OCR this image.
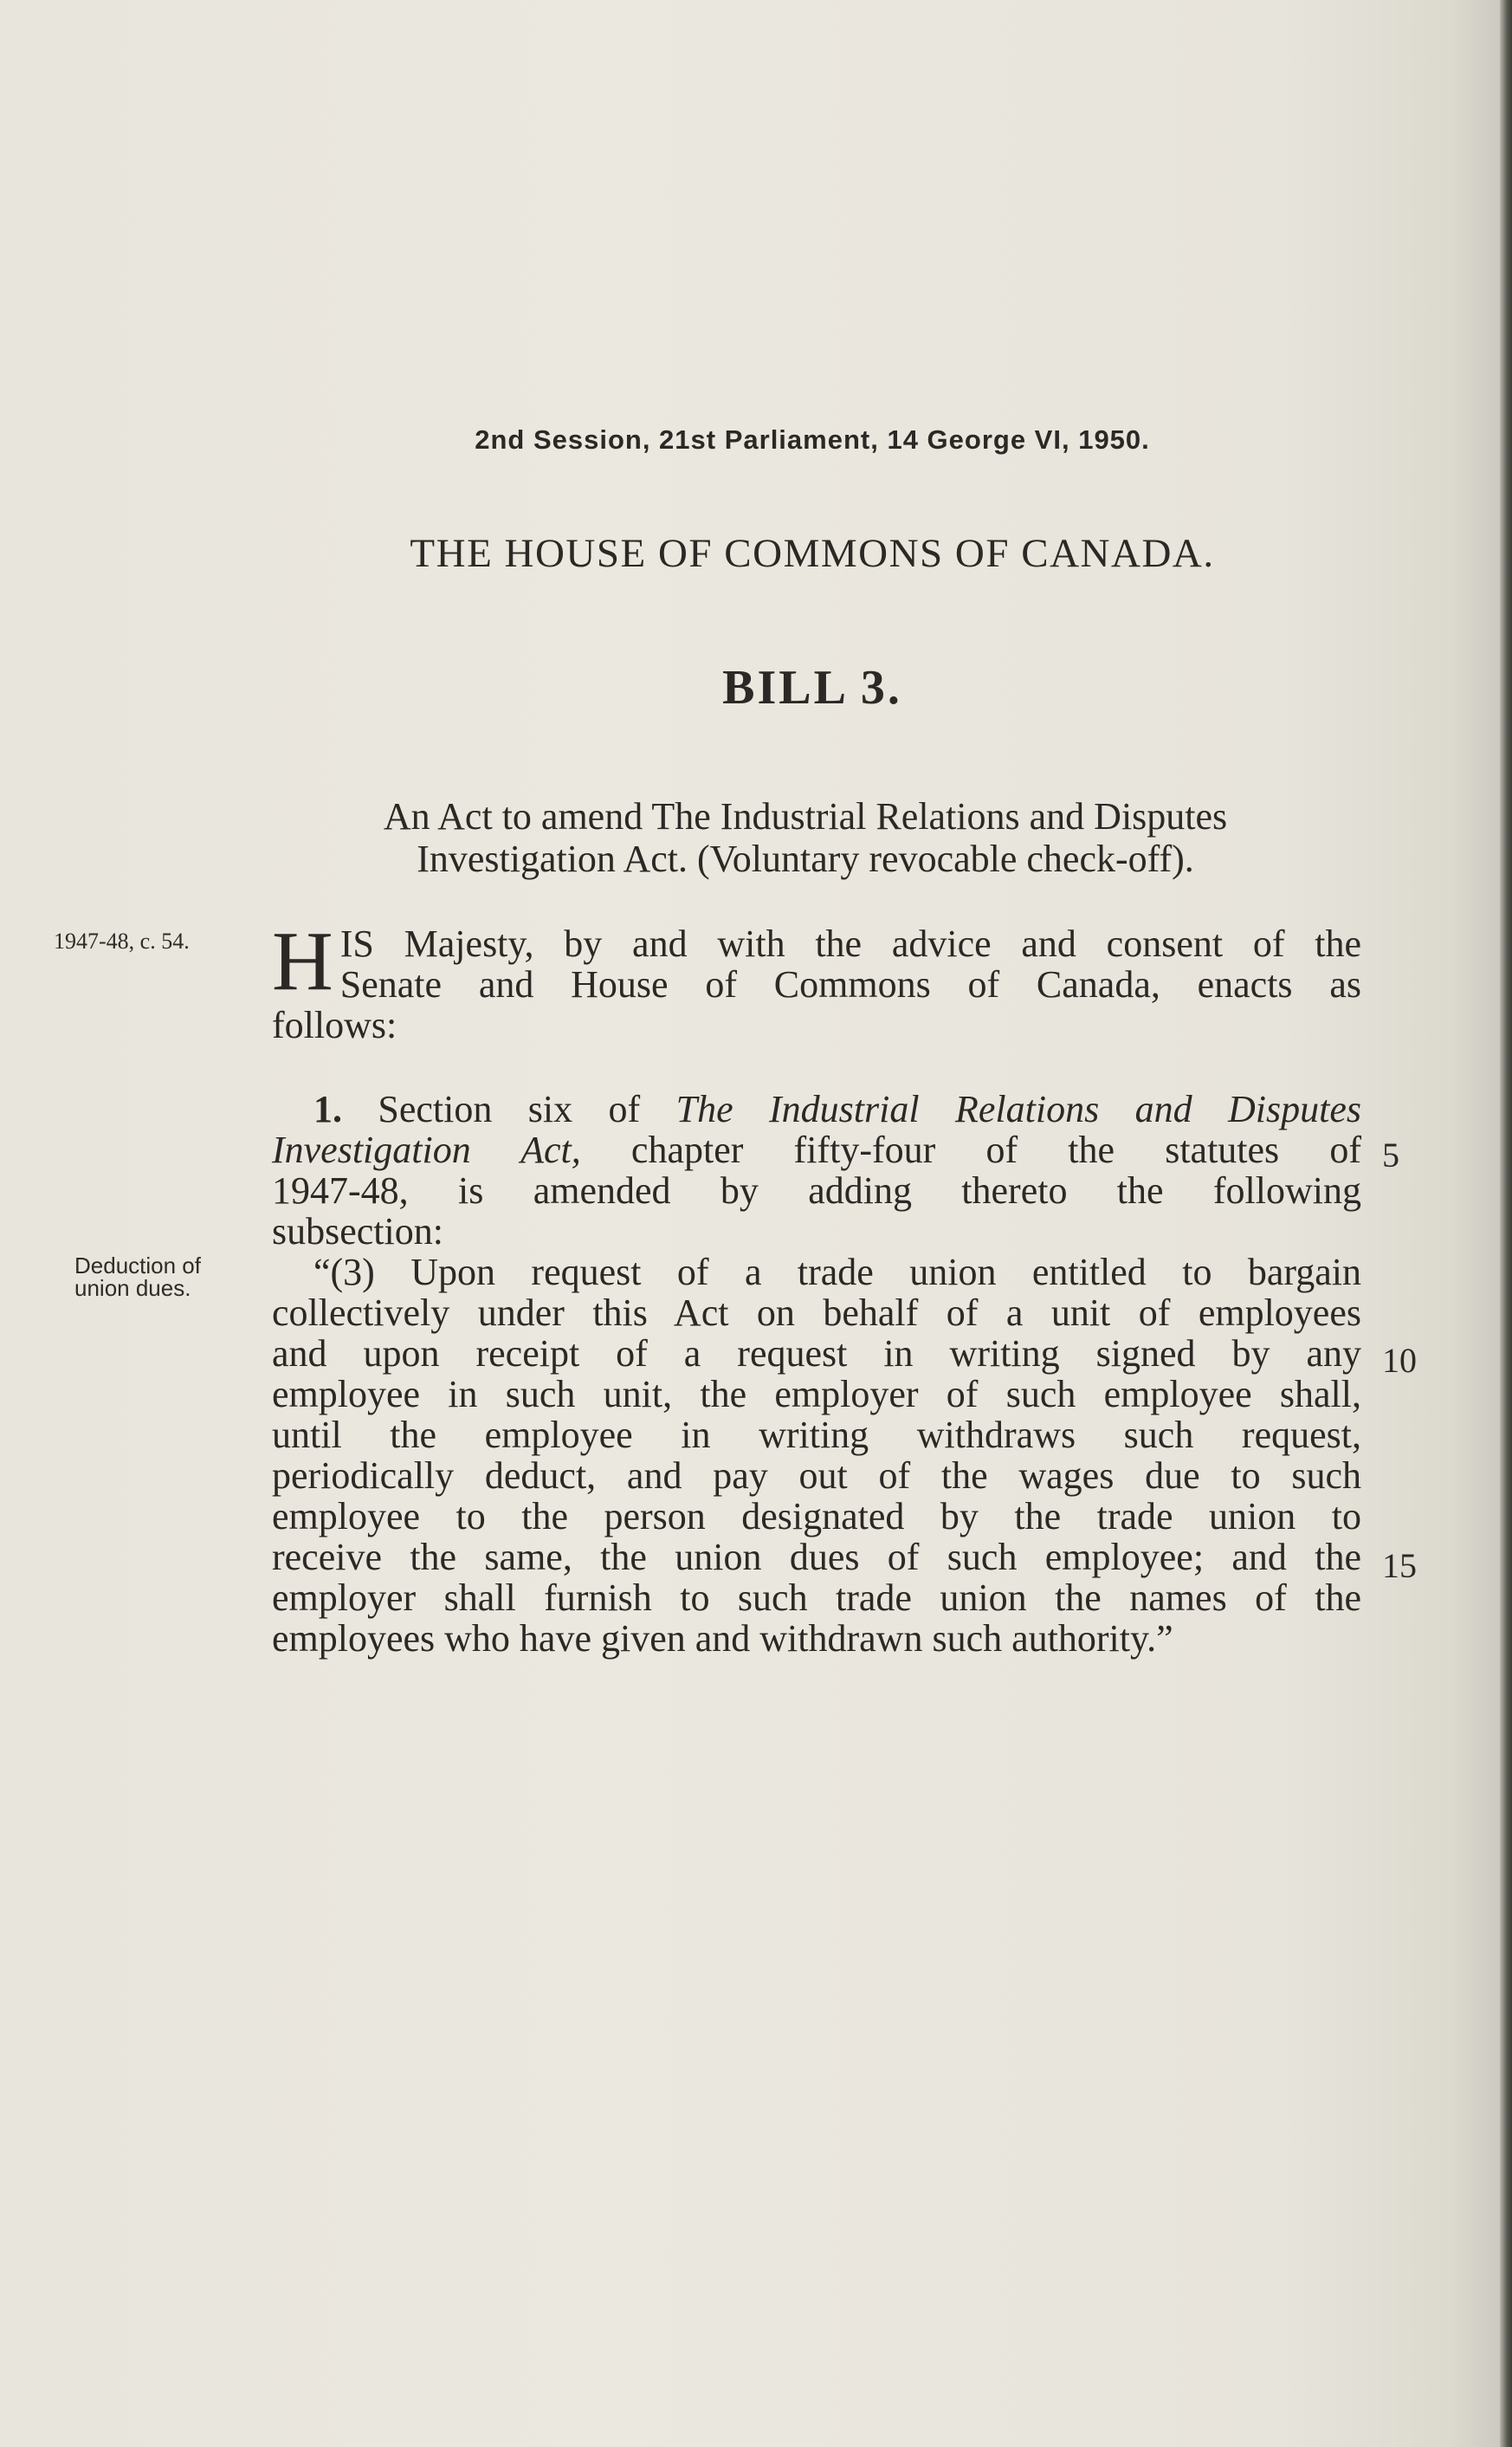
2nd Session, 21st Parliament, 14 George VI, 1950.
THE HOUSE OF COMMONS OF CANADA.
BILL 3.
An Act to amend The Industrial Relations and Disputes
Investigation Act. (Voluntary revocable check-off).
1947-48, c. 54.
Deduction of
union dues.
H IS Majesty, by and with the advice and consent of the
Senate and House of Commons of Canada, enacts as
follows:
1. Section six of The Industrial Relations and Disputes
Investigation Act, chapter fifty-four of the statutes of
1947-48, is amended by adding thereto the following
subsection:
“(3) Upon request of a trade union entitled to bargain
collectively under this Act on behalf of a unit of employees
and upon receipt of a request in writing signed by any
employee in such unit, the employer of such employee shall,
until the employee in writing withdraws such request,
periodically deduct, and pay out of the wages due to such
employee to the person designated by the trade union to
receive the same, the union dues of such employee; and the
employer shall furnish to such trade union the names of the
employees who have given and withdrawn such authority.”
5
10
15
